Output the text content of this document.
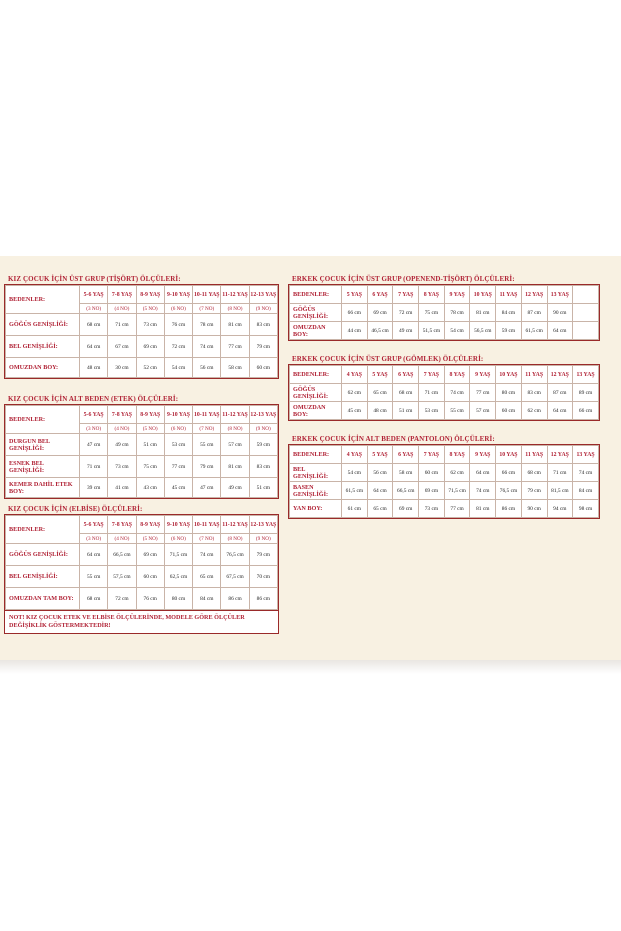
KIZ ÇOCUK İÇİN ÜST GRUP (TİŞÖRT) ÖLÇÜLERİ:
BEDENLER:	5-6 YAŞ	7-8 YAŞ	8-9 YAŞ	9-10 YAŞ	10-11 YAŞ	11-12 YAŞ	12-13 YAŞ
	(3 NO)	(4 NO)	(5 NO)	(6 NO)	(7 NO)	(8 NO)	(9 NO)
GÖĞÜS GENİŞLİĞİ:	68 cm	71 cm	73 cm	76 cm	78 cm	81 cm	83 cm
BEL GENİŞLİĞİ:	64 cm	67 cm	69 cm	72 cm	74 cm	77 cm	79 cm
OMUZDAN BOY:	48 cm	30 cm	52 cm	54 cm	56 cm	58 cm	60 cm
KIZ ÇOCUK İÇİN ALT BEDEN (ETEK) ÖLÇÜLERİ:
BEDENLER:	5-6 YAŞ	7-8 YAŞ	8-9 YAŞ	9-10 YAŞ	10-11 YAŞ	11-12 YAŞ	12-13 YAŞ
	(3 NO)	(4 NO)	(5 NO)	(6 NO)	(7 NO)	(8 NO)	(9 NO)
DURGUN BEL GENİŞLİĞİ:	47 cm	49 cm	51 cm	53 cm	55 cm	57 cm	59 cm
ESNEK BEL GENİŞLİĞİ:	71 cm	73 cm	75 cm	77 cm	79 cm	81 cm	83 cm
KEMER DAHİL ETEK BOY:	39 cm	41 cm	43 cm	45 cm	47 cm	49 cm	51 cm
KIZ ÇOCUK İÇİN (ELBİSE) ÖLÇÜLERİ:
BEDENLER:	5-6 YAŞ	7-8 YAŞ	8-9 YAŞ	9-10 YAŞ	10-11 YAŞ	11-12 YAŞ	12-13 YAŞ
	(3 NO)	(4 NO)	(5 NO)	(6 NO)	(7 NO)	(8 NO)	(9 NO)
GÖĞÜS GENİŞLİĞİ:	64 cm	66,5 cm	69 cm	71,5 cm	74 cm	76,5 cm	79 cm
BEL GENİŞLİĞİ:	55 cm	57,5 cm	60 cm	62,5 cm	65 cm	67,5 cm	70 cm
OMUZDAN TAM BOY:	68 cm	72 cm	76 cm	80 cm	84 cm	86 cm	86 cm
NOT! KIZ ÇOCUK ETEK VE ELBİSE ÖLÇÜLERİNDE, MODELE GÖRE ÖLÇÜLER DEĞİŞİKLİK GÖSTERMEKTEDİR!
ERKEK ÇOCUK İÇİN ÜST GRUP (OPENEND-TİŞÖRT) ÖLÇÜLERİ:
BEDENLER:	5 YAŞ	6 YAŞ	7 YAŞ	8 YAŞ	9 YAŞ	10 YAŞ	11 YAŞ	12 YAŞ	13 YAŞ	
GÖĞÜS GENİŞLİĞİ:	66 cm	69 cm	72 cm	75 cm	78 cm	81 cm	84 cm	87 cm	90 cm	
OMUZDAN BOY:	44 cm	46,5 cm	49 cm	51,5 cm	54 cm	56,5 cm	59 cm	61,5 cm	64 cm	
ERKEK ÇOCUK İÇİN ÜST GRUP (GÖMLEK) ÖLÇÜLERİ:
BEDENLER:	4 YAŞ	5 YAŞ	6 YAŞ	7 YAŞ	8 YAŞ	9 YAŞ	10 YAŞ	11 YAŞ	12 YAŞ	13 YAŞ
GÖĞÜS GENİŞLİĞİ:	62 cm	65 cm	68 cm	71 cm	74 cm	77 cm	80 cm	83 cm	87 cm	89 cm
OMUZDAN BOY:	45 cm	48 cm	51 cm	53 cm	55 cm	57 cm	60 cm	62 cm	64 cm	66 cm
ERKEK ÇOCUK İÇİN ALT BEDEN (PANTOLON) ÖLÇÜLERİ:
BEDENLER:	4 YAŞ	5 YAŞ	6 YAŞ	7 YAŞ	8 YAŞ	9 YAŞ	10 YAŞ	11 YAŞ	12 YAŞ	13 YAŞ
BEL GENİŞLİĞİ:	54 cm	56 cm	58 cm	60 cm	62 cm	64 cm	66 cm	68 cm	71 cm	74 cm
BASEN GENİŞLİĞİ:	61,5 cm	64 cm	66,5 cm	69 cm	71,5 cm	74 cm	76,5 cm	79 cm	81,5 cm	84 cm
YAN BOY:	61 cm	65 cm	69 cm	73 cm	77 cm	81 cm	86 cm	90 cm	94 cm	98 cm
